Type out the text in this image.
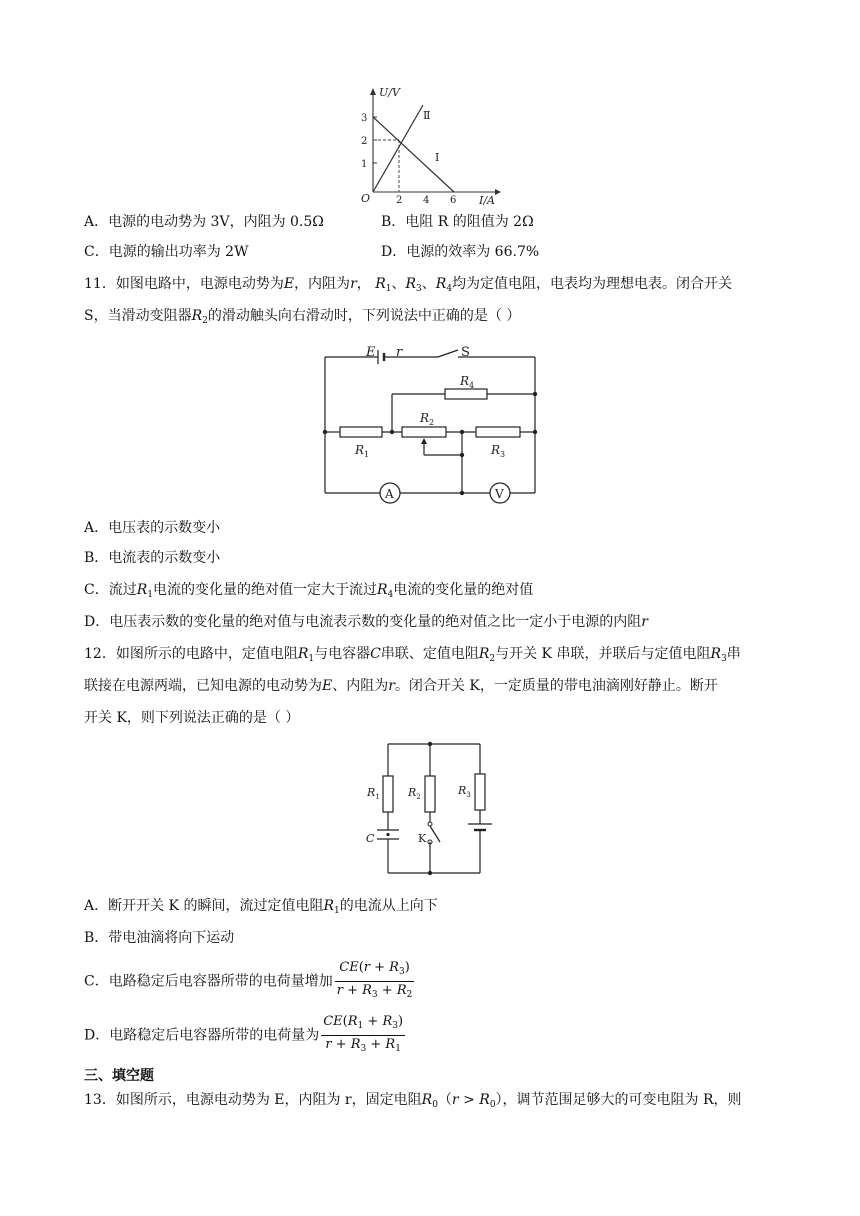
U/V
I/A
O
1
2
3
2 4 6
Ⅰ
Ⅱ
A．电源的电动势为 3V，内阻为 0.5Ω	B．电阻 R 的阻值为 2Ω
C．电源的输出功率为 2W	D．电源的效率为 66.7%
11．如图电路中，电源电动势为E，内阻为r， $R_1$、$R_3$、$R_4$均为定值电阻，电表均为理想电表。闭合开关
S，当滑动变阻器$R_2$的滑动触头向右滑动时，下列说法中正确的是（ ）
E r	S
$R_4$
$R_2$
$R_1$	$R_3$
A	V
A．电压表的示数变小
B．电流表的示数变小
C．流过$R_1$电流的变化量的绝对值一定大于流过$R_4$电流的变化量的绝对值
D．电压表示数的变化量的绝对值与电流表示数的变化量的绝对值之比一定小于电源的内阻r
12．如图所示的电路中，定值电阻$R_1$与电容器C串联、定值电阻$R_2$与开关 K 串联，并联后与定值电阻$R_3$串
联接在电源两端，已知电源的电动势为E、内阻为r。闭合开关 K，一定质量的带电油滴刚好静止。断开
开关 K，则下列说法正确的是（ ）
$R_1$	$R_2$	$R_3$
C	K
A．断开开关 K 的瞬间，流过定值电阻$R_1$的电流从上向下
B．带电油滴将向下运动
C．电路稳定后电容器所带的电荷量增加 $\frac{CE(r + R_3)}{r + R_3 + R_2}$
D．电路稳定后电容器所带的电荷量为 $\frac{CE(R_1 + R_3)}{r + R_3 + R_1}$
三、填空题
13．如图所示，电源电动势为 E，内阻为 r，固定电阻$R_0(r > R_0)$，调节范围足够大的可变电阻为 R，则
